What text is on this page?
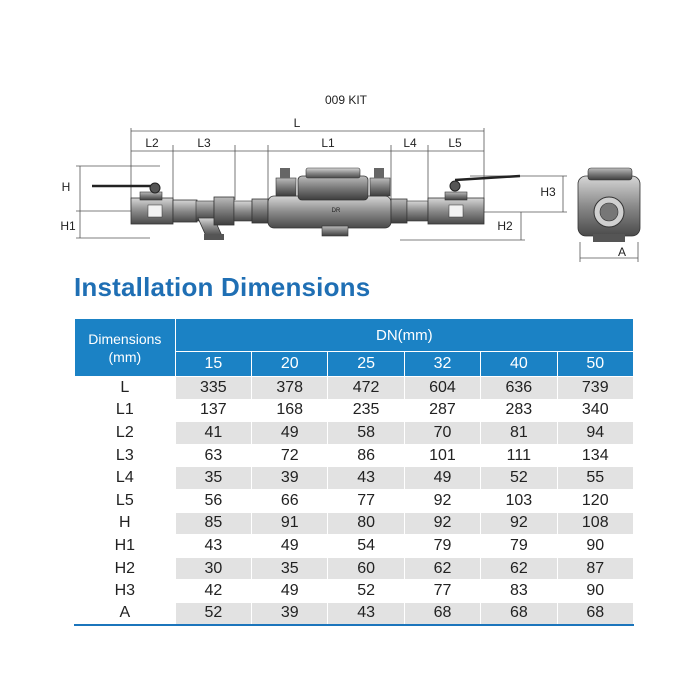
009 KIT
L
L2	L3	L1	L4	L5
H
H1
H3
H2
DR
A
Installation Dimensions
Dimensions
(mm)	DN(mm)					
	15	20	25	32	40	50
L	335	378	472	604	636	739
L1	137	168	235	287	283	340
L2	41	49	58	70	81	94
L3	63	72	86	101	111	134
L4	35	39	43	49	52	55
L5	56	66	77	92	103	120
H	85	91	80	92	92	108
H1	43	49	54	79	79	90
H2	30	35	60	62	62	87
H3	42	49	52	77	83	90
A	52	39	43	68	68	68
